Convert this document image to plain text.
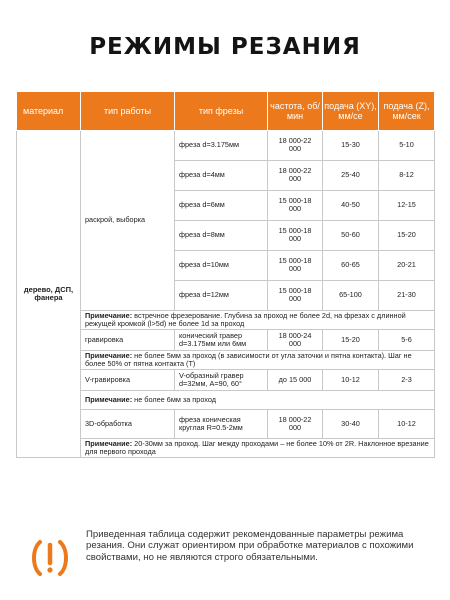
РЕЖИМЫ РЕЗАНИЯ
материал	тип работы	тип фрезы	частота, об/мин	подача (XY), мм/се	подача (Z), мм/сек
дерево, ДСП, фанера	раскрой, выборка	фреза d=3.175мм	18 000-22 000	15-30	5-10
		фреза d=4мм	18 000-22 000	25-40	8-12
		фреза d=6мм	15 000-18 000	40-50	12-15
		фреза d=8мм	15 000-18 000	50-60	15-20
		фреза d=10мм	15 000-18 000	60-65	20-21
		фреза d=12мм	15 000-18 000	65-100	21-30
	Примечание: встречное фрезерование. Глубина за проход не более 2d, на фрезах с длинной режущей кромкой (l>5d) не более 1d за проход				
	гравировка	конический гравер d=3.175мм или 6мм	18 000-24 000	15-20	5-6
	Примечание: не более 5мм за проход (в зависимости от угла заточки и пятна контакта). Шаг не более 50% от пятна контакта (T)				
	V-гравировка	V-образный гравер d=32мм, A=90, 60°	до 15 000	10-12	2-3
	Примечание: не более 6мм за проход				
	3D-обработка	фреза коническая круглая R=0.5-2мм	18 000-22 000	30-40	10-12
	Примечание: 20-30мм за проход. Шаг между проходами – не более 10% от 2R. Наклонное врезание для первого прохода				
Приведенная таблица содержит рекомендованные параметры режима резания. Они служат ориентиром при обработке материалов с похожими свойствами, но не являются строго обязательными.
